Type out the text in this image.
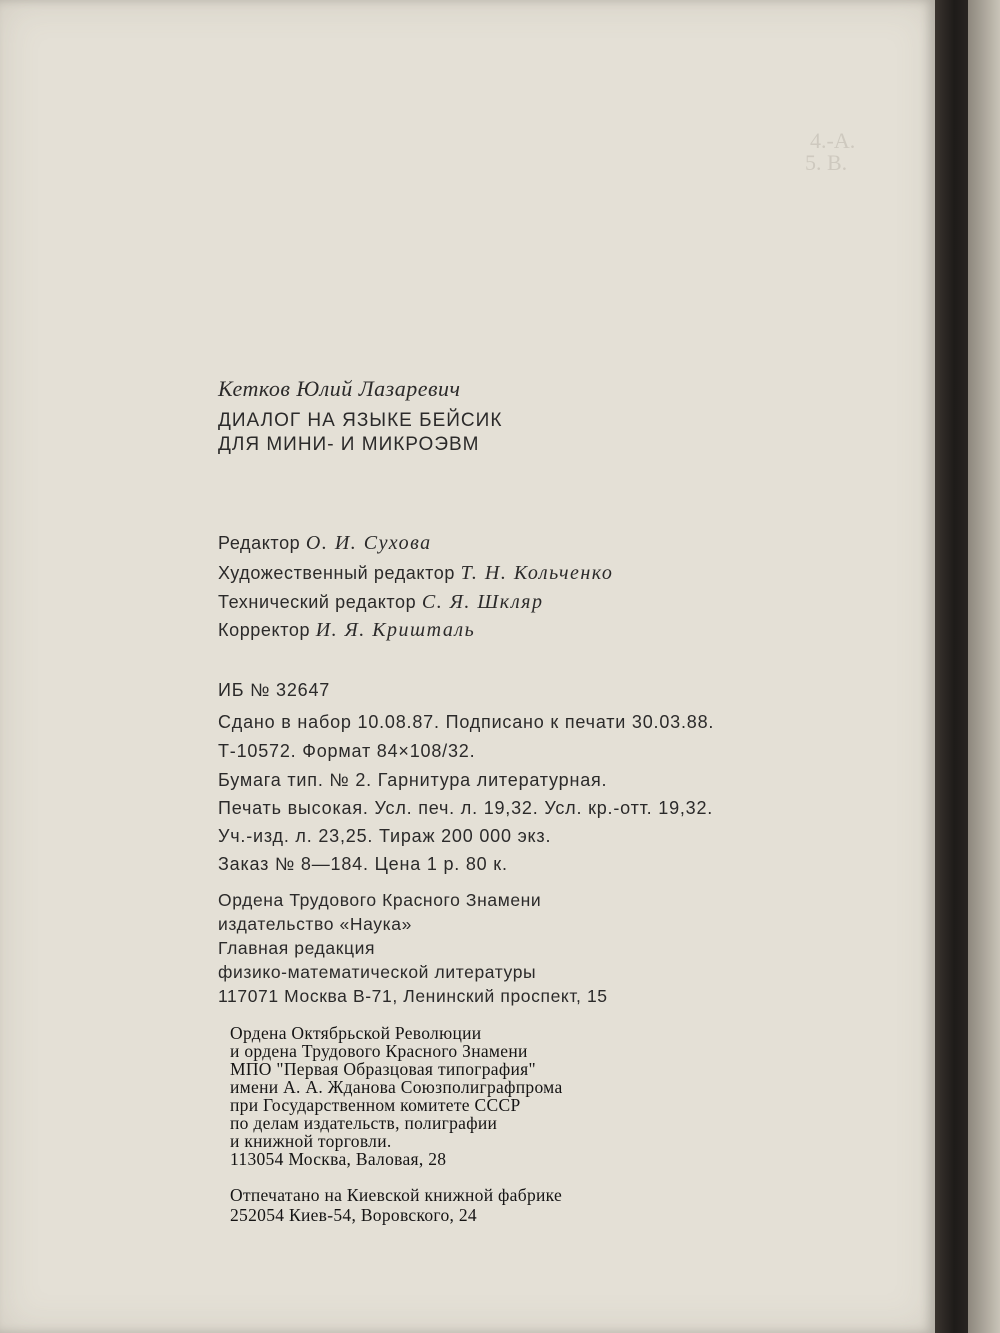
4.-А.
5. В.
Кетков Юлий Лазаревич
ДИАЛОГ НА ЯЗЫКЕ БЕЙСИК
ДЛЯ МИНИ- И МИКРОЭВМ
Редактор О. И. Сухова
Художественный редактор Т. Н. Кольченко
Технический редактор С. Я. Шкляр
Корректор И. Я. Кришталь
ИБ № 32647
Сдано в набор 10.08.87. Подписано к печати 30.03.88.
Т-10572. Формат 84×108/32.
Бумага тип. № 2. Гарнитура литературная.
Печать высокая. Усл. печ. л. 19,32. Усл. кр.-отт. 19,32.
Уч.-изд. л. 23,25. Тираж 200 000 экз.
Заказ № 8—184. Цена 1 р. 80 к.
Ордена Трудового Красного Знамени
издательство «Наука»
Главная редакция
физико-математической литературы
117071 Москва В-71, Ленинский проспект, 15
Ордена Октябрьской Революции
и ордена Трудового Красного Знамени
МПО "Первая Образцовая типография"
имени А. А. Жданова Союзполиграфпрома
при Государственном комитете СССР
по делам издательств, полиграфии
и книжной торговли.
113054 Москва, Валовая, 28
Отпечатано на Киевской книжной фабрике
252054 Киев-54, Воровского, 24
